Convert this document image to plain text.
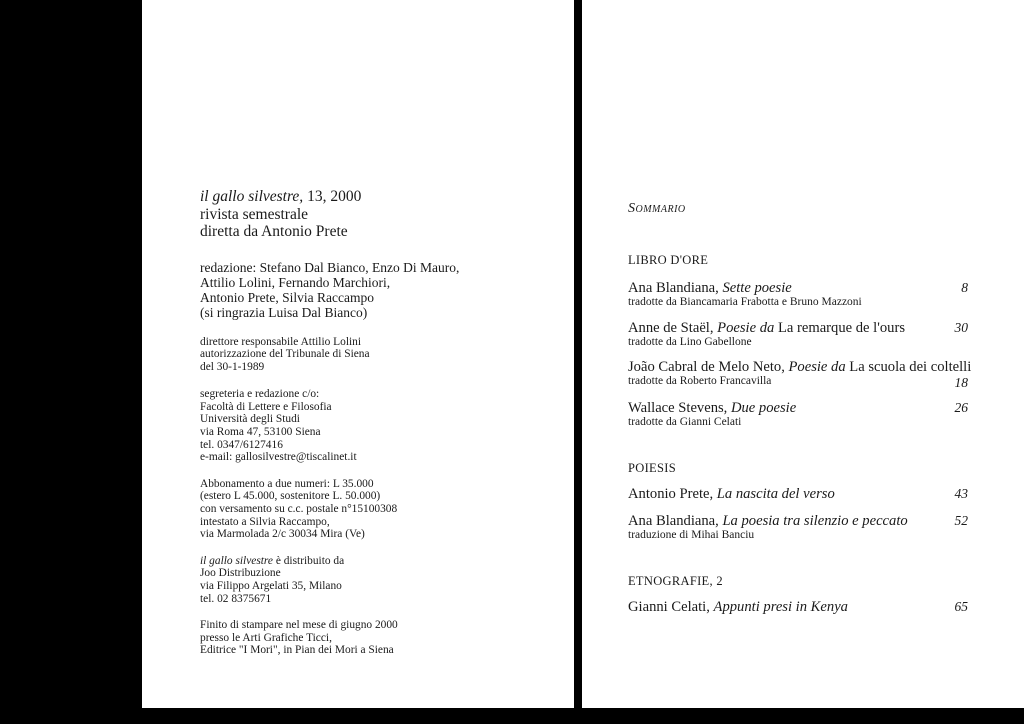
il gallo silvestre, 13, 2000

rivista semestrale

diretta da Antonio Prete

redazione: Stefano Dal Bianco, Enzo Di Mauro,
Attilio Lolini, Fernando Marchiori,
Antonio Prete, Silvia Raccampo
(si ringrazia Luisa Dal Bianco)
direttore responsabile Attilio Lolini
autorizzazione del Tribunale di Siena
del 30-1-1989
segreteria e redazione c/o:
Facoltà di Lettere e Filosofia
Università degli Studi
via Roma 47, 53100 Siena
tel. 0347/6127416
e-mail: gallosilvestre@tiscalinet.it
Abbonamento a due numeri: L 35.000
(estero L 45.000, sostenitore L. 50.000)
con versamento su c.c. postale n°15100308
intestato a Silvia Raccampo,
via Marmolada 2/c 30034 Mira (Ve)
il gallo silvestre è distribuito da
Joo Distribuzione
via Filippo Argelati 35, Milano
tel. 02 8375671
Finito di stampare nel mese di giugno 2000
presso le Arti Grafiche Ticci,
Editrice "I Mori", in Pian dei Mori a Siena
Sommario
LIBRO D'ORE
Ana Blandiana, Sette poesie
tradotte da Biancamaria Frabotta e Bruno Mazzoni
8
Anne de Staël, Poesie da La remarque de l'ours
tradotte da Lino Gabellone
30
João Cabral de Melo Neto, Poesie da La scuola dei coltelli
tradotte da Roberto Francavilla	18
Wallace Stevens, Due poesie
tradotte da Gianni Celati
26
POIESIS
Antonio Prete, La nascita del verso	43
Ana Blandiana, La poesia tra silenzio e peccato
traduzione di Mihai Banciu
52
ETNOGRAFIE, 2
Gianni Celati, Appunti presi in Kenya	65
